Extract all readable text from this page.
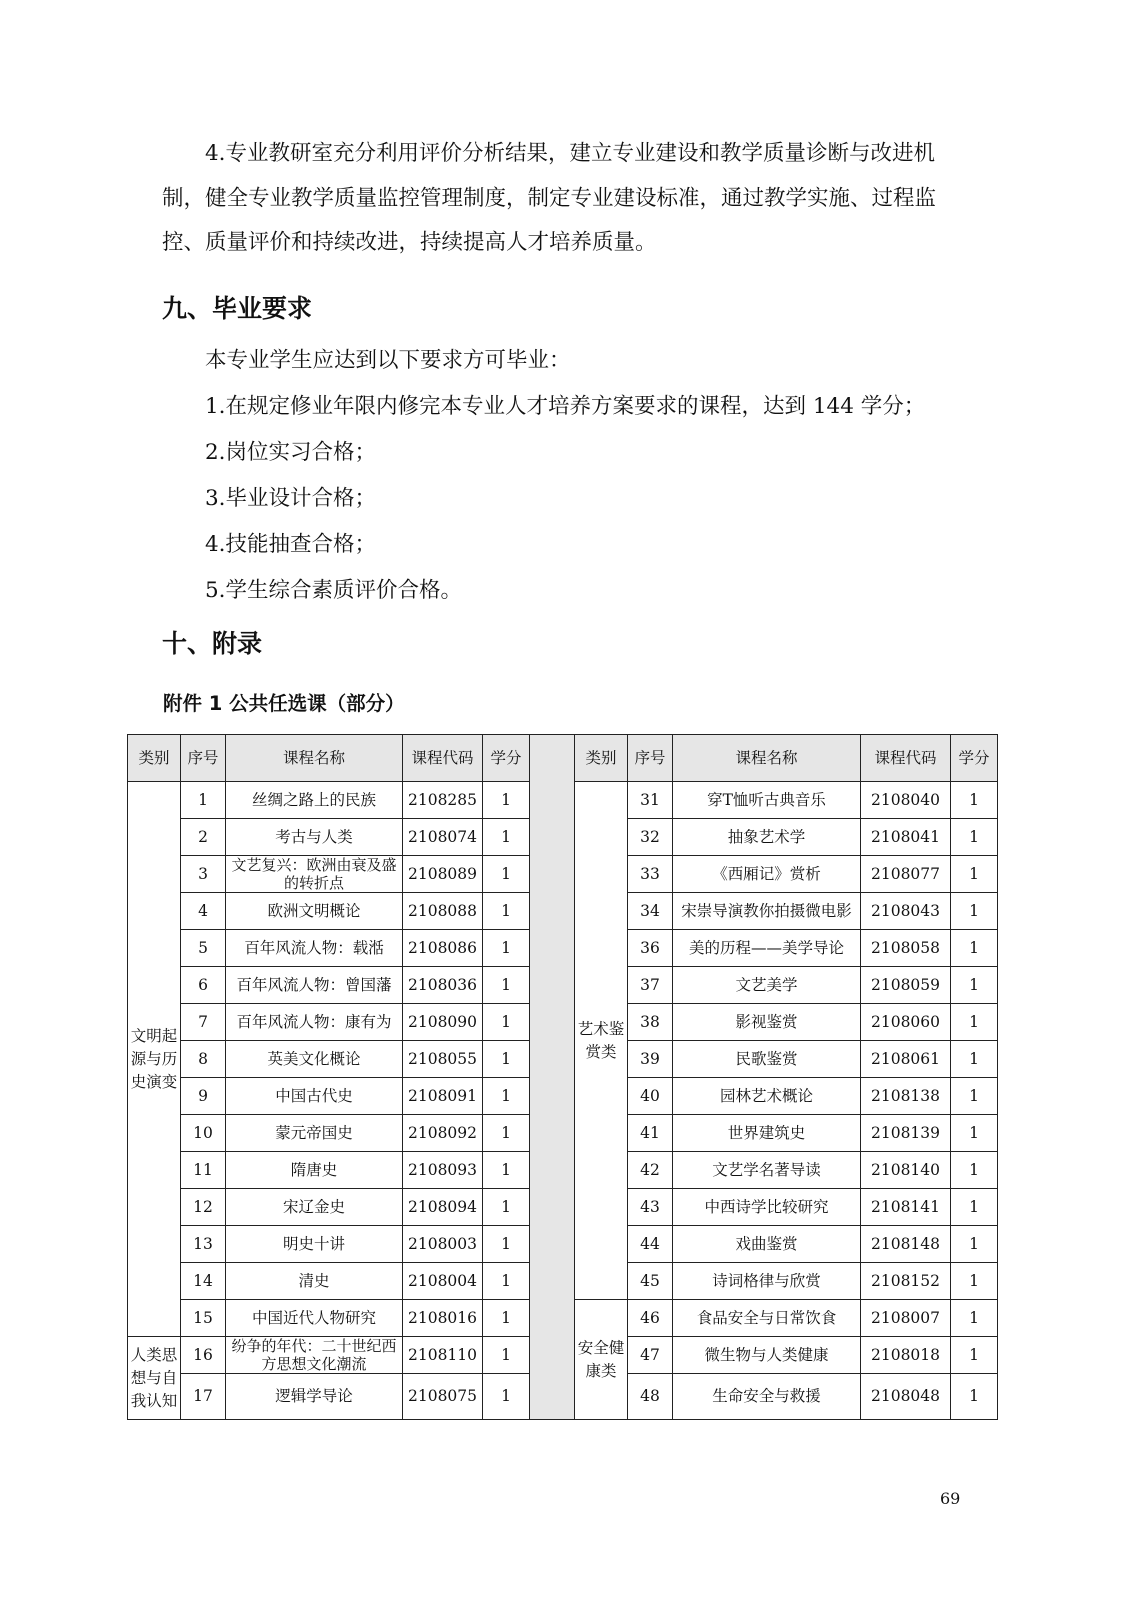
4.专业教研室充分利用评价分析结果，建立专业建设和教学质量诊断与改进机制，健全专业教学质量监控管理制度，制定专业建设标准，通过教学实施、过程监控、质量评价和持续改进，持续提高人才培养质量。
九、毕业要求
本专业学生应达到以下要求方可毕业：
1.在规定修业年限内修完本专业人才培养方案要求的课程，达到 144 学分；
2.岗位实习合格；
3.毕业设计合格；
4.技能抽查合格；
5.学生综合素质评价合格。
十、附录
附件 1 公共任选课（部分）
类别	序号	课程名称	课程代码	学分		类别	序号	课程名称	课程代码	学分
文明起源与历史演变	1	丝绸之路上的民族	2108285	1		艺术鉴赏类	31	穿T恤听古典音乐	2108040	1
	2	考古与人类	2108074	1			32	抽象艺术学	2108041	1
	3	文艺复兴：欧洲由衰及盛的转折点	2108089	1			33	《西厢记》赏析	2108077	1
	4	欧洲文明概论	2108088	1			34	宋崇导演教你拍摄微电影	2108043	1
	5	百年风流人物：载湉	2108086	1			36	美的历程——美学导论	2108058	1
	6	百年风流人物：曾国藩	2108036	1			37	文艺美学	2108059	1
	7	百年风流人物：康有为	2108090	1			38	影视鉴赏	2108060	1
	8	英美文化概论	2108055	1			39	民歌鉴赏	2108061	1
	9	中国古代史	2108091	1			40	园林艺术概论	2108138	1
	10	蒙元帝国史	2108092	1			41	世界建筑史	2108139	1
	11	隋唐史	2108093	1			42	文艺学名著导读	2108140	1
	12	宋辽金史	2108094	1			43	中西诗学比较研究	2108141	1
	13	明史十讲	2108003	1			44	戏曲鉴赏	2108148	1
	14	清史	2108004	1			45	诗词格律与欣赏	2108152	1
	15	中国近代人物研究	2108016	1		安全健康类	46	食品安全与日常饮食	2108007	1
人类思想与自我认知	16	纷争的年代：二十世纪西方思想文化潮流	2108110	1			47	微生物与人类健康	2108018	1
	17	逻辑学导论	2108075	1			48	生命安全与救援	2108048	1
69
